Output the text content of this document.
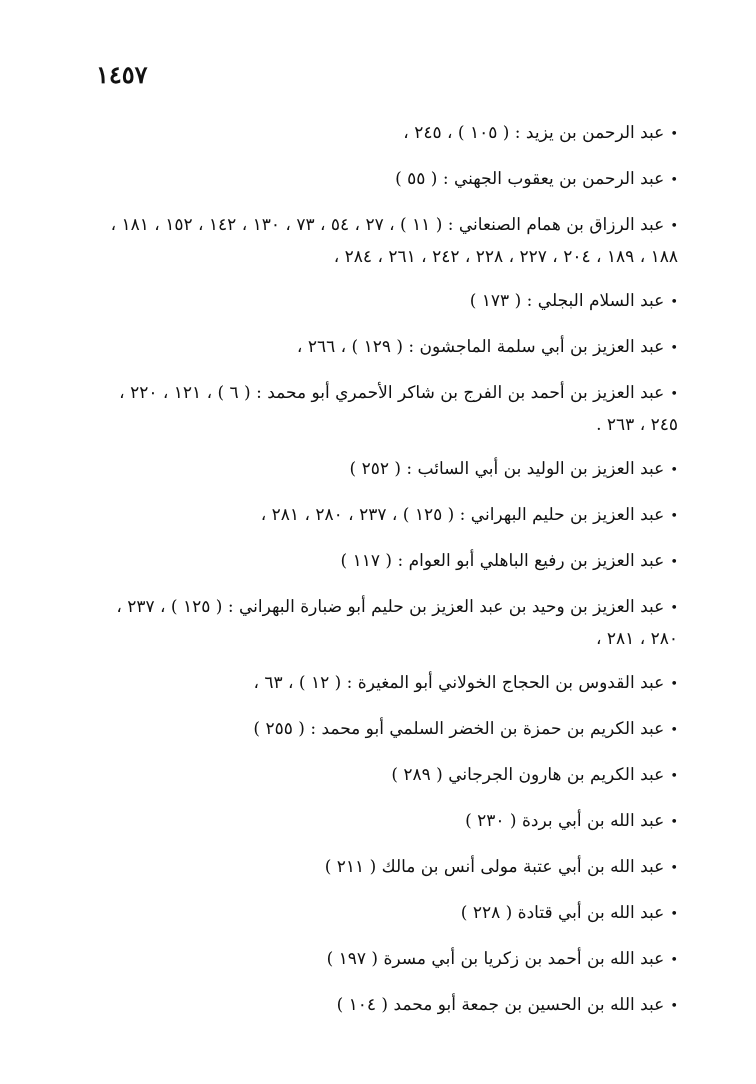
١٤٥٧
•عبد الرحمن بن يزيد : ( ١٠٥ ) ، ٢٤٥ ،
•عبد الرحمن بن يعقوب الجهني : ( ٥٥ )
•عبد الرزاق بن همام الصنعاني : ( ١١ ) ، ٢٧ ، ٥٤ ، ٧٣ ، ١٣٠ ، ١٤٢ ، ١٥٢ ، ١٨١ ، ١٨٨ ، ١٨٩ ، ٢٠٤ ، ٢٢٧ ، ٢٢٨ ، ٢٤٢ ، ٢٦١ ، ٢٨٤ ،
•عبد السلام البجلي : ( ١٧٣ )
•عبد العزيز بن أبي سلمة الماجشون : ( ١٢٩ ) ، ٢٦٦ ،
•عبد العزيز بن أحمد بن الفرج بن شاكر الأحمري أبو محمد : ( ٦ ) ، ١٢١ ، ٢٢٠ ، ٢٤٥ ، ٢٦٣ .
•عبد العزيز بن الوليد بن أبي السائب : ( ٢٥٢ )
•عبد العزيز بن حليم البهراني : ( ١٢٥ ) ، ٢٣٧ ، ٢٨٠ ، ٢٨١ ،
•عبد العزيز بن رفيع الباهلي أبو العوام : ( ١١٧ )
•عبد العزيز بن وحيد بن عبد العزيز بن حليم أبو ضبارة البهراني : ( ١٢٥ ) ، ٢٣٧ ، ٢٨٠ ، ٢٨١ ،
•عبد القدوس بن الحجاج الخولاني أبو المغيرة : ( ١٢ ) ، ٦٣ ،
•عبد الكريم بن حمزة بن الخضر السلمي أبو محمد : ( ٢٥٥ )
•عبد الكريم بن هارون الجرجاني ( ٢٨٩ )
•عبد الله بن أبي بردة ( ٢٣٠ )
•عبد الله بن أبي عتبة مولى أنس بن مالك ( ٢١١ )
•عبد الله بن أبي قتادة ( ٢٢٨ )
•عبد الله بن أحمد بن زكريا بن أبي مسرة ( ١٩٧ )
•عبد الله بن الحسين بن جمعة أبو محمد ( ١٠٤ )
